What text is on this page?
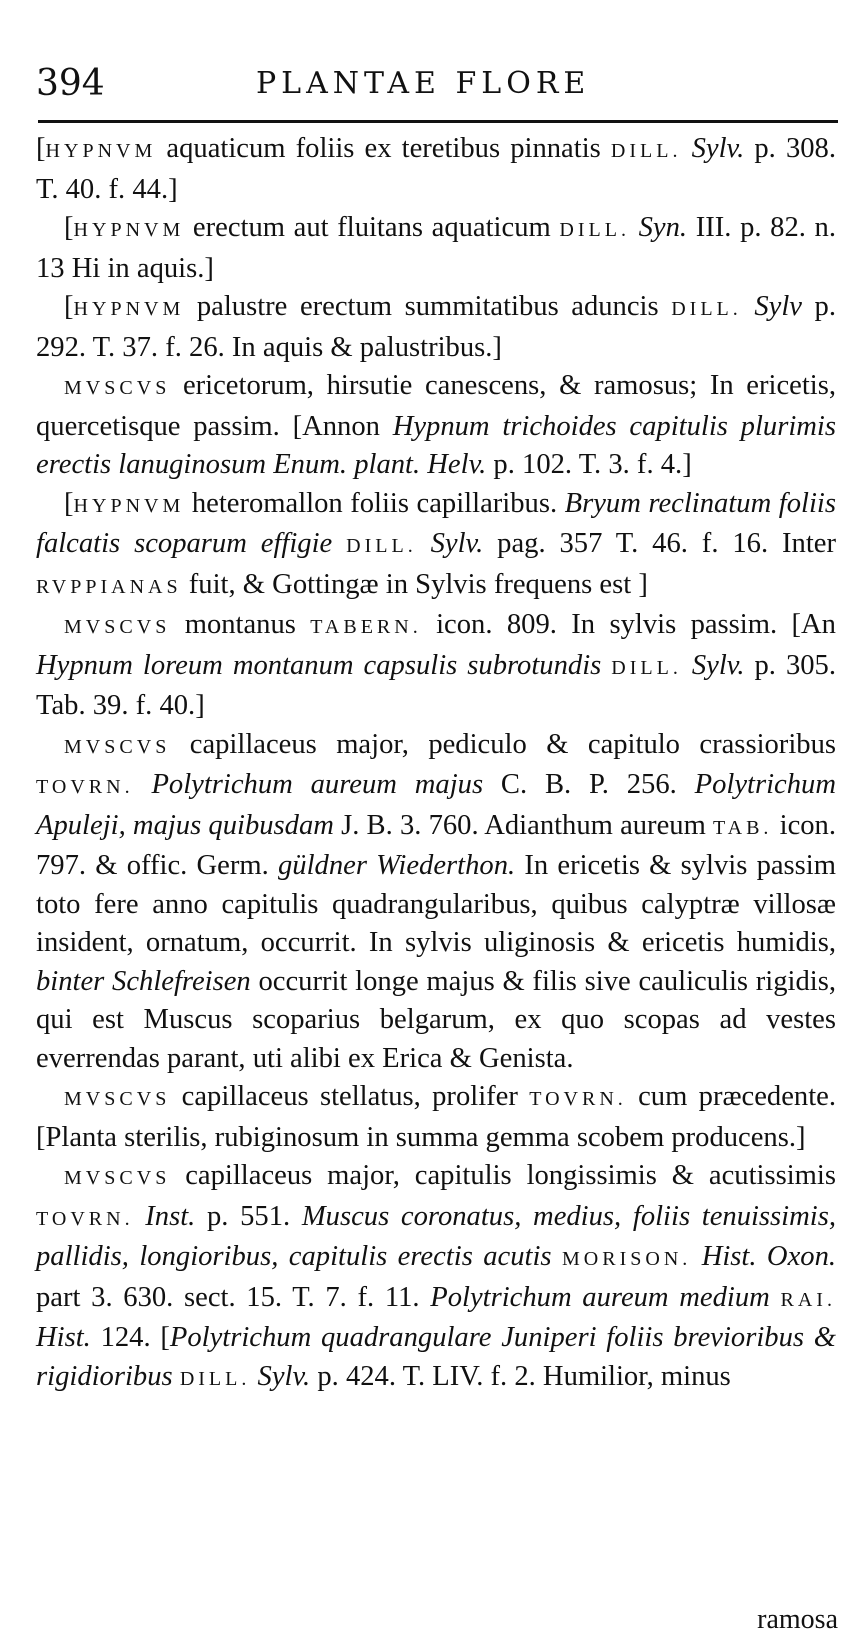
394	PLANTAE FLORE

[HYPNVM aquaticum foliis ex teretibus pinnatis DILL. Sylv. p. 308. T. 40. f. 44.]

[HYPNVM erectum aut fluitans aquaticum DILL. Syn. III. p. 82. n. 13 Hi in aquis.]

[HYPNVM palustre erectum summitatibus aduncis DILL. Sylv p. 292. T. 37. f. 26. In aquis & palustribus.]

MVSCVS ericetorum, hirsutie canescens, & ramosus; In ericetis, quercetisque passim. [Annon Hypnum trichoides capitulis plurimis erectis lanuginosum Enum. plant. Helv. p. 102. T. 3. f. 4.]

[HYPNVM heteromallon foliis capillaribus. Bryum reclinatum foliis falcatis scoparum effigie DILL. Sylv. pag. 357 T. 46. f. 16. Inter RVPPIANAS fuit, & Gottingæ in Sylvis frequens est ]

MVSCVS montanus TABERN. icon. 809. In sylvis passim. [An Hypnum loreum montanum capsulis subrotundis DILL. Sylv. p. 305. Tab. 39. f. 40.]

MVSCVS capillaceus major, pediculo & capitulo crassioribus TOVRN. Polytrichum aureum majus C. B. P. 256. Polytrichum Apuleji, majus quibusdam J. B. 3. 760. Adianthum aureum TAB. icon. 797. & offic. Germ. güldner Wiederthon. In ericetis & sylvis passim toto fere anno capitulis quadrangularibus, quibus calyptræ villosæ insident, ornatum, occurrit. In sylvis uliginosis & ericetis humidis, binter Schlefreisen occurrit longe majus & filis sive cauliculis rigidis, qui est Muscus scoparius belgarum, ex quo scopas ad vestes everrendas parant, uti alibi ex Erica & Genista.

MVSCVS capillaceus stellatus, prolifer TOVRN. cum præcedente. [Planta sterilis, rubiginosum in summa gemma scobem producens.]

MVSCVS capillaceus major, capitulis longissimis & acutissimis TOVRN. Inst. p. 551. Muscus coronatus, medius, foliis tenuissimis, pallidis, longioribus, capitulis erectis acutis MORISON. Hist. Oxon. part 3. 630. sect. 15. T. 7. f. 11. Polytrichum aureum medium RAI. Hist. 124. [Polytrichum quadrangulare Juniperi foliis brevioribus & rigidioribus DILL. Sylv. p. 424. T. LIV. f. 2. Humilior, minus

ramosa
